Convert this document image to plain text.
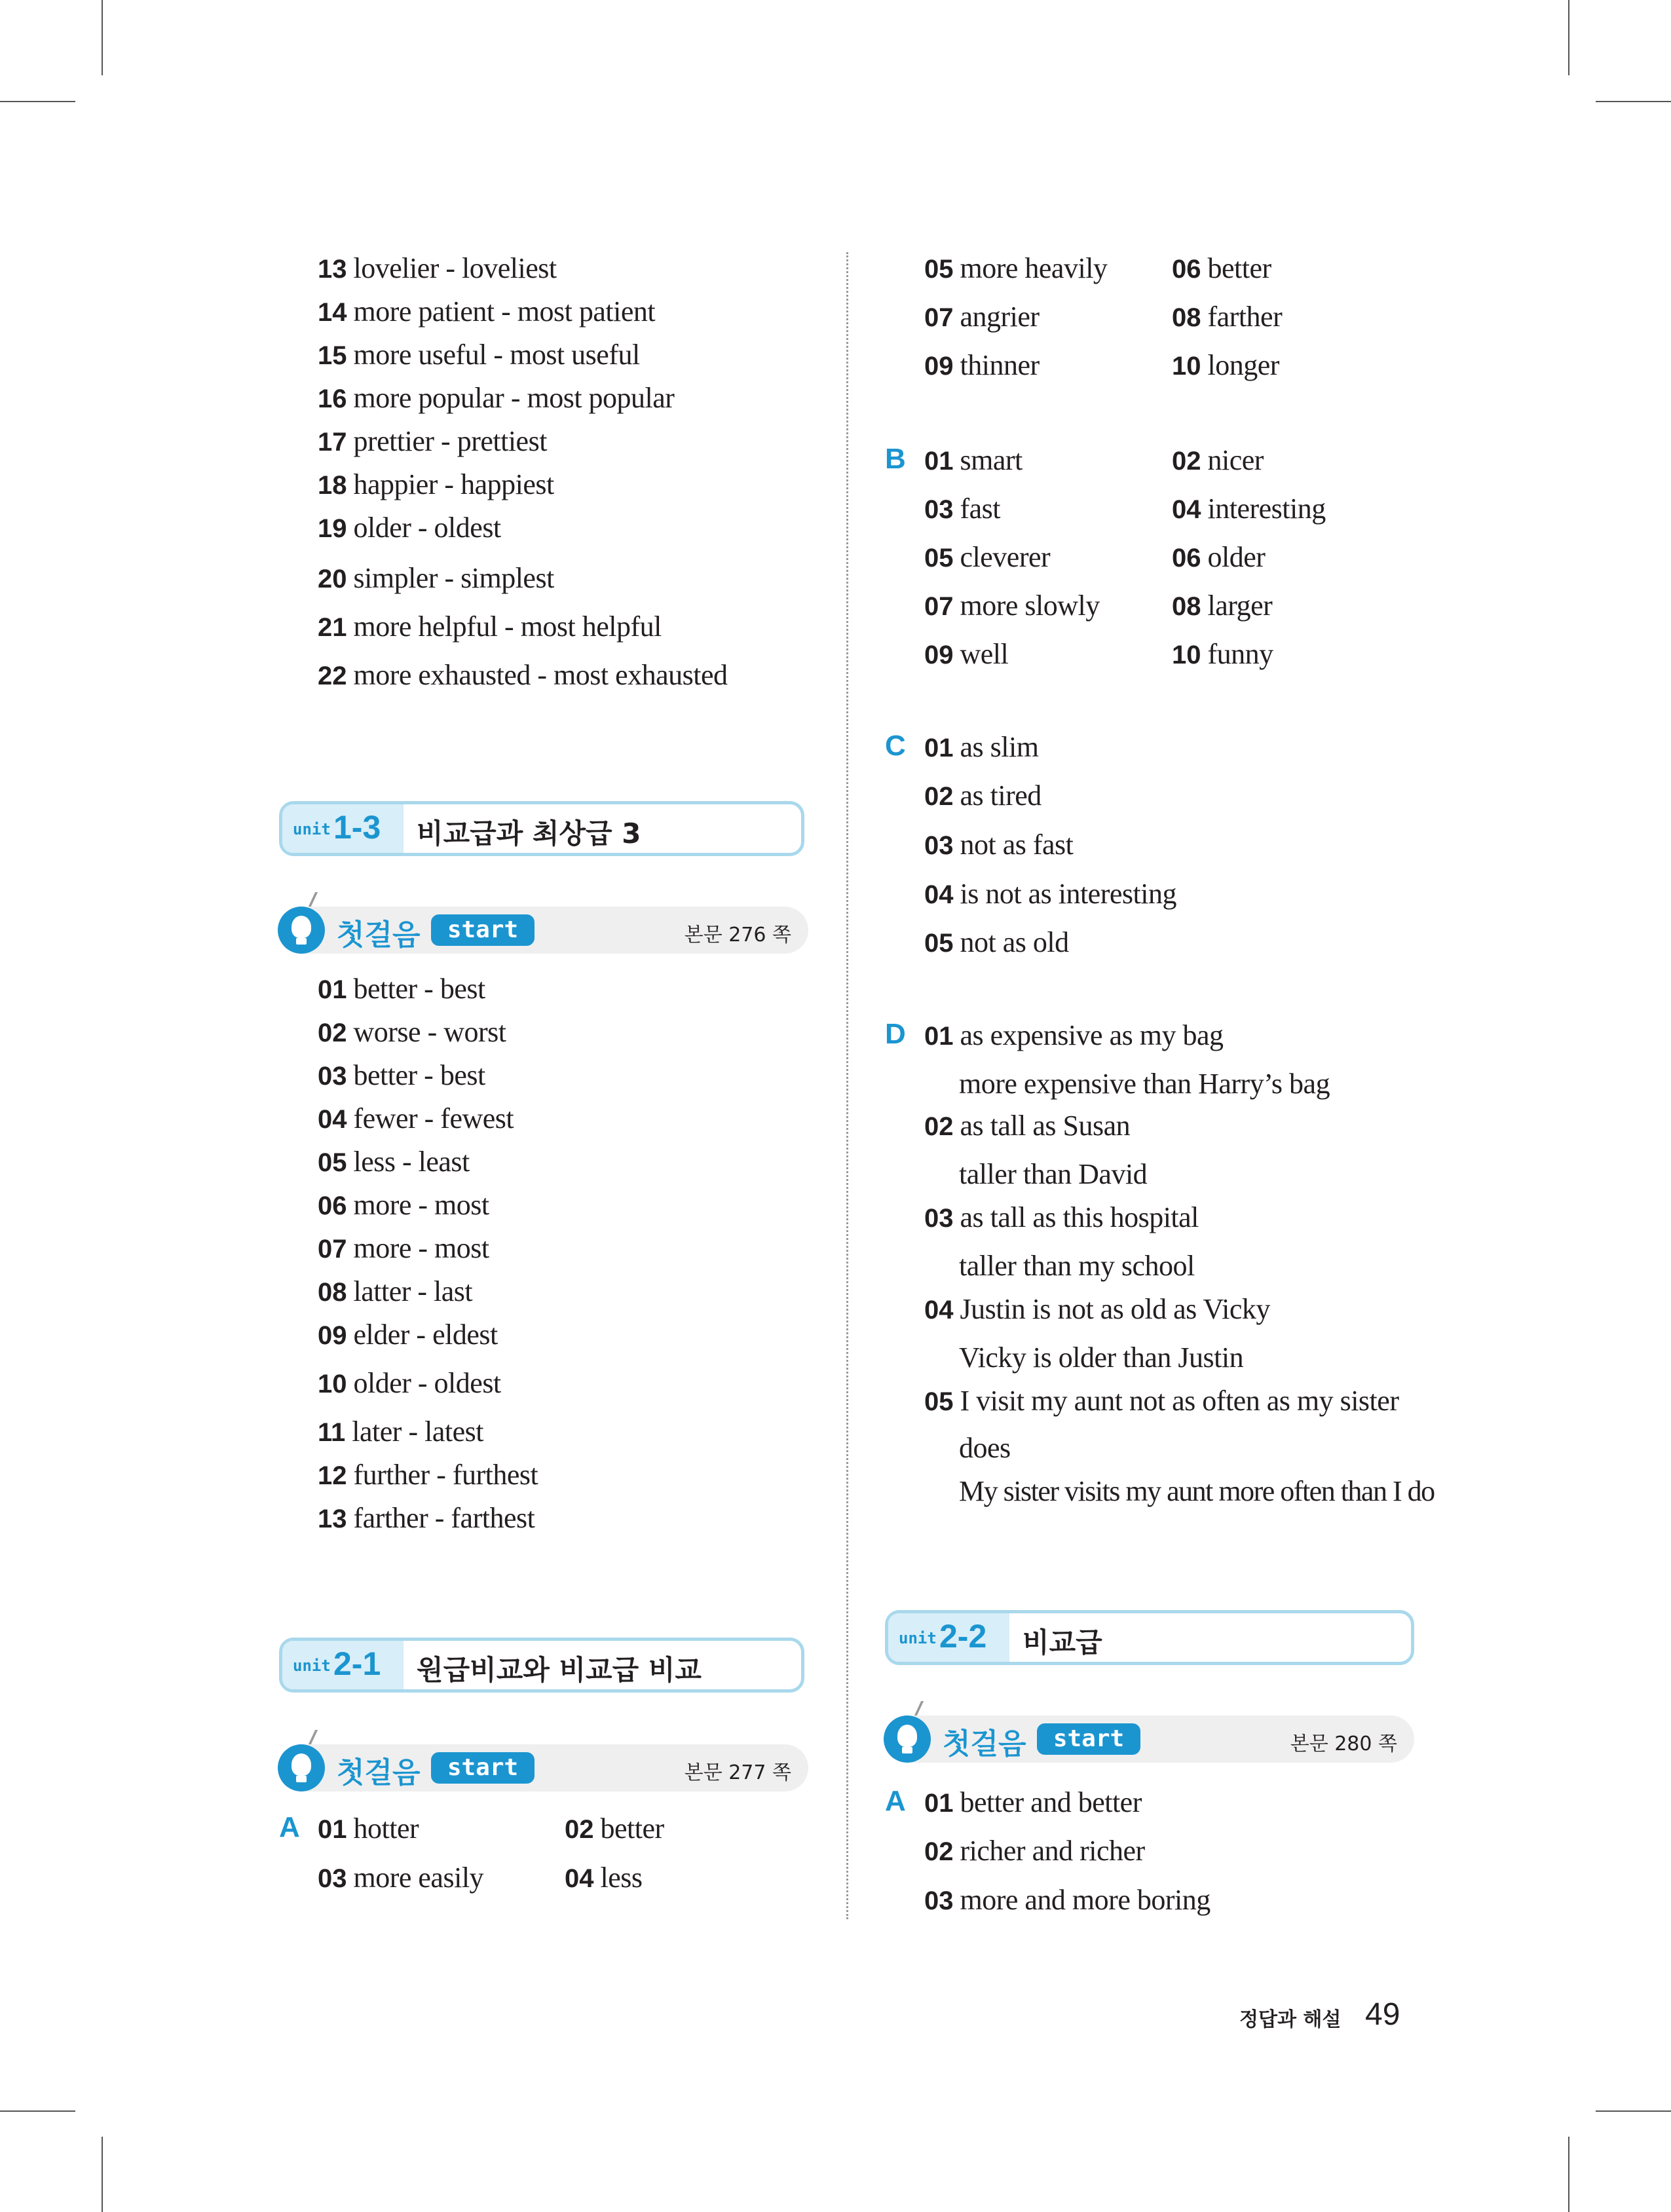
13 lovelier - loveliest
14 more patient - most patient
15 more useful - most useful
16 more popular - most popular
17 prettier - prettiest
18 happier - happiest
19 older - oldest
20 simpler - simplest
21 more helpful - most helpful
22 more exhausted - most exhausted
unit 1-3 비교급과 최상급 3
첫걸음	start	본문 276 쪽
01 better - best
02 worse - worst
03 better - best
04 fewer - fewest
05 less - least
06 more - most
07 more - most
08 latter - last
09 elder - eldest
10 older - oldest
11 later - latest
12 further - furthest
13 farther - farthest
unit 2-1 원급비교와 비교급 비교
첫걸음	start	본문 277 쪽
A 01 hotter	02 better
03 more easily	04 less
05 more heavily 06 better
07 angrier	08 farther
09 thinner	10 longer
B 01 smart	02 nicer
03 fast	04 interesting
05 cleverer	06 older
07 more slowly	08 larger
09 well	10 funny
C 01 as slim
02 as tired
03 not as fast
04 is not as interesting
05 not as old
D 01 as expensive as my bag
more expensive than Harry’s bag
02 as tall as Susan
taller than David
03 as tall as this hospital
taller than my school
04 Justin is not as old as Vicky
Vicky is older than Justin
05 I visit my aunt not as often as my sister
does
My sister visits my aunt more often than I do
unit 2-2 비교급
첫걸음	start	본문 280 쪽
A 01 better and better
02 richer and richer
03 more and more boring
정답과 해설 49
